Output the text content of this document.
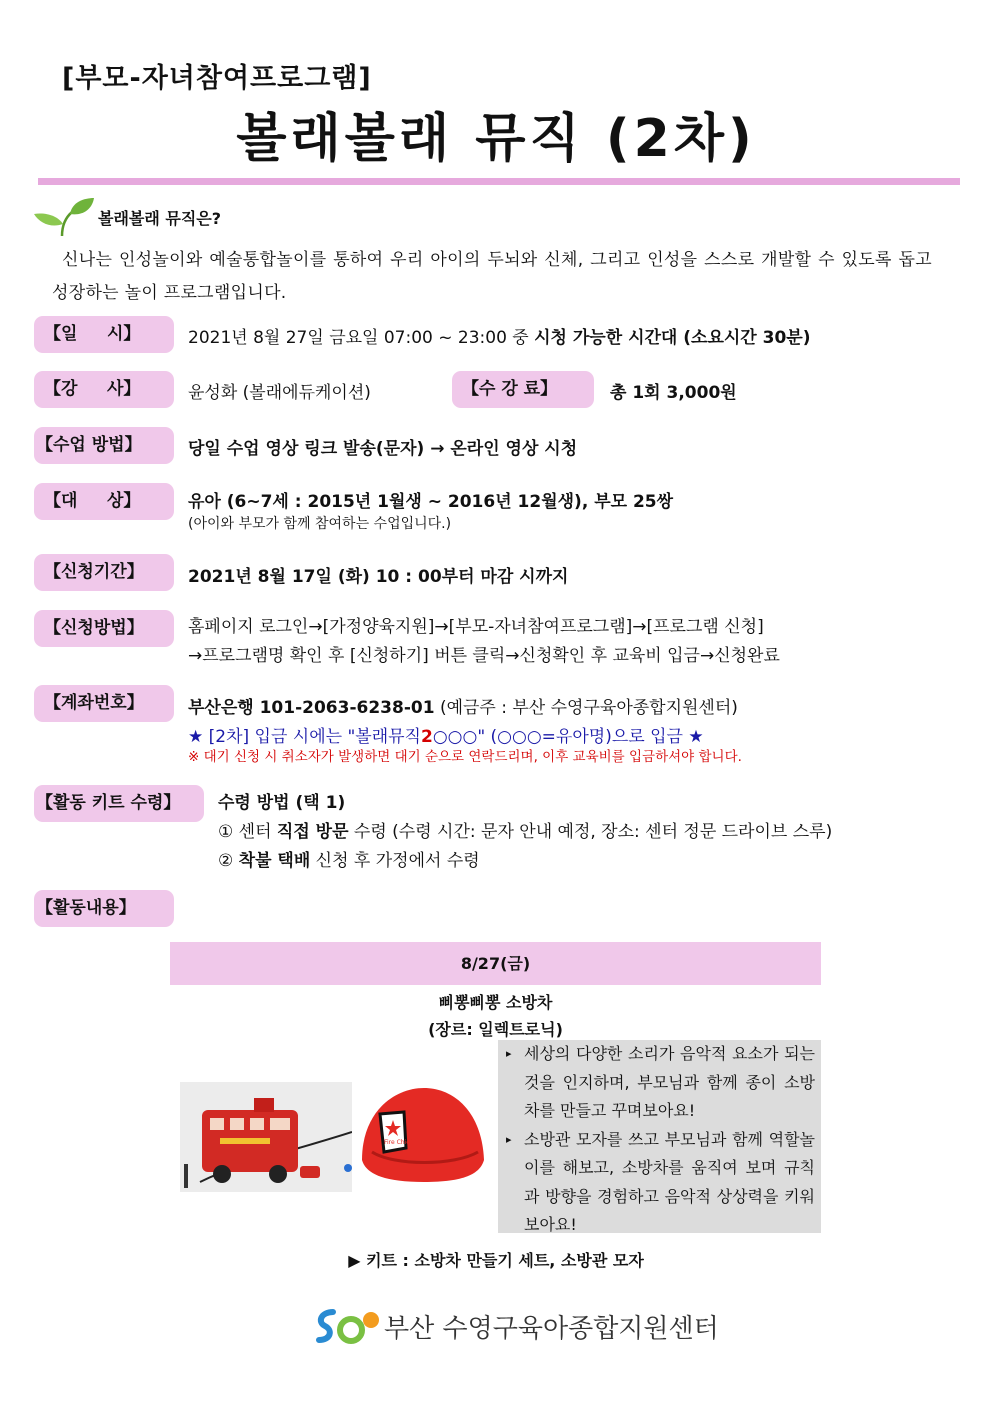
[부모-자녀참여프로그램]
볼래볼래 뮤직 (2차)
볼래볼래 뮤직은?
신나는 인성놀이와 예술통합놀이를 통하여 우리 아이의 두뇌와 신체, 그리고 인성을 스스로 개발할 수 있도록 돕고 성장하는 놀이 프로그램입니다.
【일     시】	2021년 8월 27일 금요일 07:00 ~ 23:00 중 시청 가능한 시간대 (소요시간 30분)
【강     사】	윤성화 (볼래에듀케이션)	【수 강 료】	총 1회 3,000원
【수업 방법】	당일 수업 영상 링크 발송(문자) → 온라인 영상 시청
【대     상】	유아 (6~7세 : 2015년 1월생 ~ 2016년 12월생), 부모 25쌍
(아이와 부모가 함께 참여하는 수업입니다.)
【신청기간】	2021년 8월 17일 (화) 10 : 00부터 마감 시까지
【신청방법】	홈페이지 로그인→[가정양육지원]→[부모-자녀참여프로그램]→[프로그램 신청]
→프로그램명 확인 후 [신청하기] 버튼 클릭→신청확인 후 교육비 입금→신청완료
【계좌번호】	부산은행 101-2063-6238-01 (예금주 : 부산 수영구육아종합지원센터)
★ [2차] 입금 시에는 "볼래뮤직2○○○" (○○○=유아명)으로 입금 ★
※ 대기 신청 시 취소자가 발생하면 대기 순으로 연락드리며, 이후 교육비를 입금하셔야 합니다.
【활동 키트 수령】	수령 방법 (택 1)
① 센터 직접 방문 수령 (수령 시간: 문자 안내 예정, 장소: 센터 정문 드라이브 스루)
② 착불 택배 신청 후 가정에서 수령
【활동내용】
8/27(금)
삐뽕삐뽕 소방차
(장르: 일렉트로닉)
Fire Chief
▸ 세상의 다양한 소리가 음악적 요소가 되는 것을 인지하며, 부모님과 함께 종이 소방차를 만들고 꾸며보아요!
▸ 소방관 모자를 쓰고 부모님과 함께 역할놀이를 해보고, 소방차를 움직여 보며 규칙과 방향을 경험하고 음악적 상상력을 키워보아요!
▶ 키트 : 소방차 만들기 세트, 소방관 모자
부산 수영구육아종합지원센터
